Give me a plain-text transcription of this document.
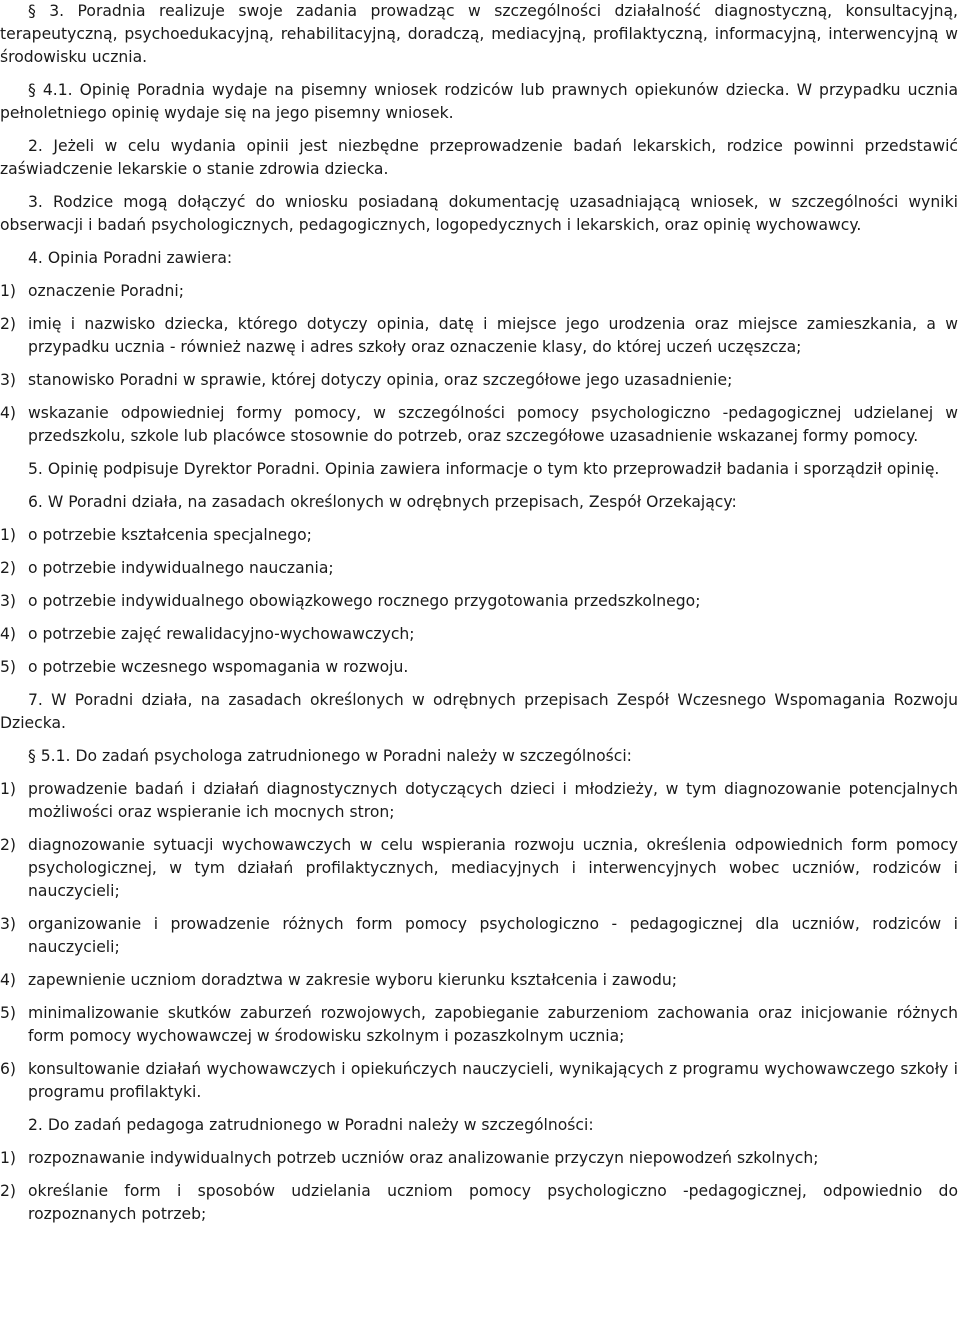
§ 3. Poradnia realizuje swoje zadania prowadząc w szczególności działalność diagnostyczną, konsultacyjną, terapeutyczną, psychoedukacyjną, rehabilitacyjną, doradczą, mediacyjną, profilaktyczną, informacyjną, interwencyjną w środowisku ucznia.

§ 4.1. Opinię Poradnia wydaje na pisemny wniosek rodziców lub prawnych opiekunów dziecka. W przypadku ucznia pełnoletniego opinię wydaje się na jego pisemny wniosek.

2. Jeżeli w celu wydania opinii jest niezbędne przeprowadzenie badań lekarskich, rodzice powinni przedstawić zaświadczenie lekarskie o stanie zdrowia dziecka.

3. Rodzice mogą dołączyć do wniosku posiadaną dokumentację uzasadniającą wniosek, w szczególności wyniki obserwacji i badań psychologicznych, pedagogicznych, logopedycznych i lekarskich, oraz opinię wychowawcy.

4. Opinia Poradni zawiera:

1) oznaczenie Poradni;
2) imię i nazwisko dziecka, którego dotyczy opinia, datę i miejsce jego urodzenia oraz miejsce zamieszkania, a w przypadku ucznia - również nazwę i adres szkoły oraz oznaczenie klasy, do której uczeń uczęszcza;
3) stanowisko Poradni w sprawie, której dotyczy opinia, oraz szczegółowe jego uzasadnienie;
4) wskazanie odpowiedniej formy pomocy, w szczególności pomocy psychologiczno -pedagogicznej udzielanej w przedszkolu, szkole lub placówce stosownie do potrzeb, oraz szczegółowe uzasadnienie wskazanej formy pomocy.

5. Opinię podpisuje Dyrektor Poradni. Opinia zawiera informacje o tym kto przeprowadził badania i sporządził opinię.

6. W Poradni działa, na zasadach określonych w odrębnych przepisach, Zespół Orzekający:

1) o potrzebie kształcenia specjalnego;
2) o potrzebie indywidualnego nauczania;
3) o potrzebie indywidualnego obowiązkowego rocznego przygotowania przedszkolnego;
4) o potrzebie zajęć rewalidacyjno-wychowawczych;
5) o potrzebie wczesnego wspomagania w rozwoju.

7. W Poradni działa, na zasadach określonych w odrębnych przepisach Zespół Wczesnego Wspomagania Rozwoju Dziecka.

§ 5.1. Do zadań psychologa zatrudnionego w Poradni należy w szczególności:

1) prowadzenie badań i działań diagnostycznych dotyczących dzieci i młodzieży, w tym diagnozowanie potencjalnych możliwości oraz wspieranie ich mocnych stron;
2) diagnozowanie sytuacji wychowawczych w celu wspierania rozwoju ucznia, określenia odpowiednich form pomocy psychologicznej, w tym działań profilaktycznych, mediacyjnych i interwencyjnych wobec uczniów, rodziców i nauczycieli;
3) organizowanie i prowadzenie różnych form pomocy psychologiczno - pedagogicznej dla uczniów, rodziców i nauczycieli;
4) zapewnienie uczniom doradztwa w zakresie wyboru kierunku kształcenia i zawodu;
5) minimalizowanie skutków zaburzeń rozwojowych, zapobieganie zaburzeniom zachowania oraz inicjowanie różnych form pomocy wychowawczej w środowisku szkolnym i pozaszkolnym ucznia;
6) konsultowanie działań wychowawczych i opiekuńczych nauczycieli, wynikających z programu wychowawczego szkoły i programu profilaktyki.

2. Do zadań pedagoga zatrudnionego w Poradni należy w szczególności:

1) rozpoznawanie indywidualnych potrzeb uczniów oraz analizowanie przyczyn niepowodzeń szkolnych;
2) określanie form i sposobów udzielania uczniom pomocy psychologiczno -pedagogicznej, odpowiednio do rozpoznanych potrzeb;
